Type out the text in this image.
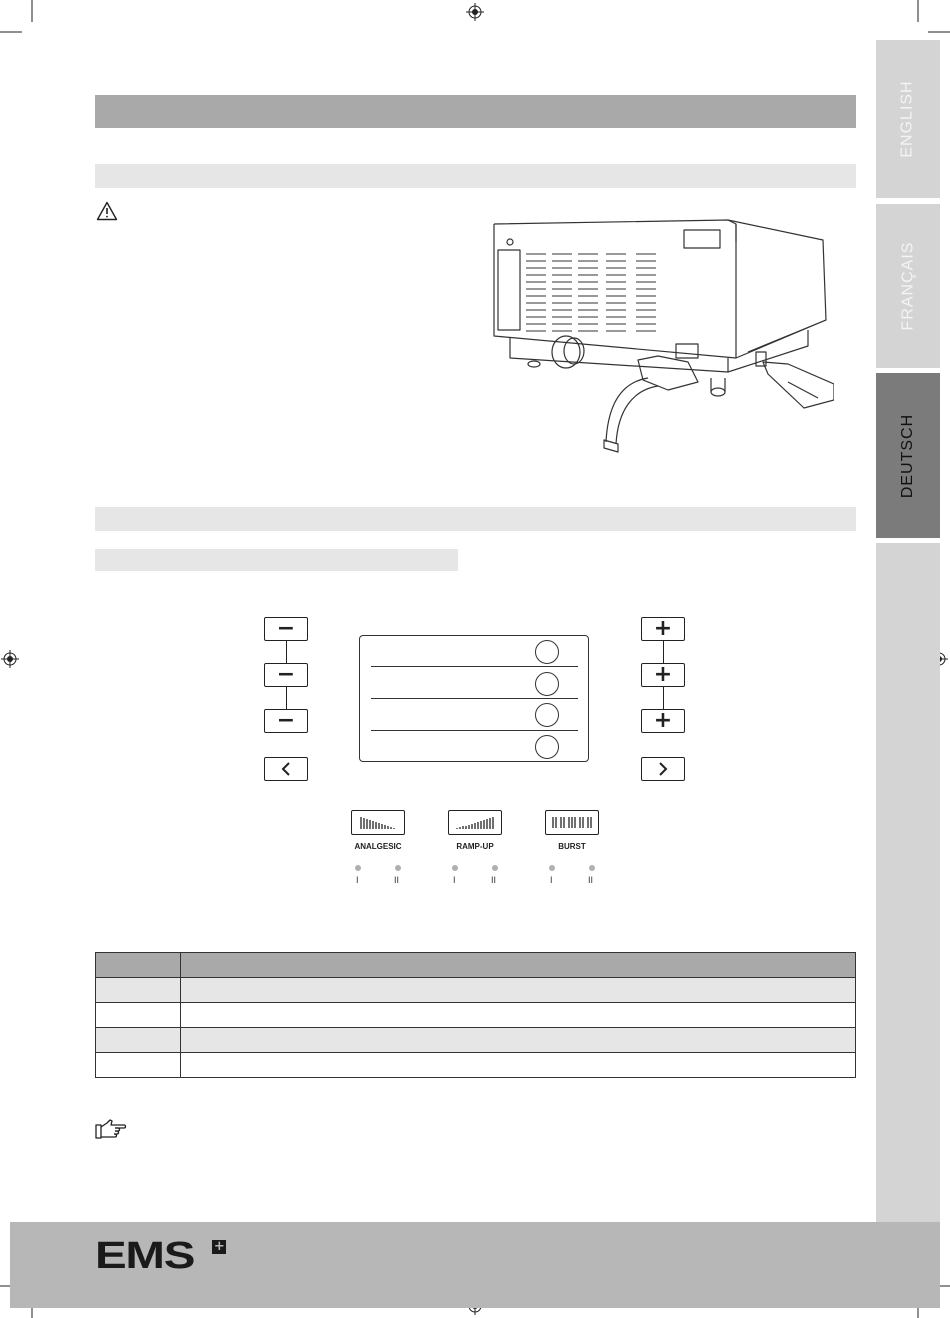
ENGLISH
FRANÇAIS
DEUTSCH
−
−
−
+
+
+
ANALGESIC
I	II
RAMP-UP
I	II
BURST
I	II

EMS +
